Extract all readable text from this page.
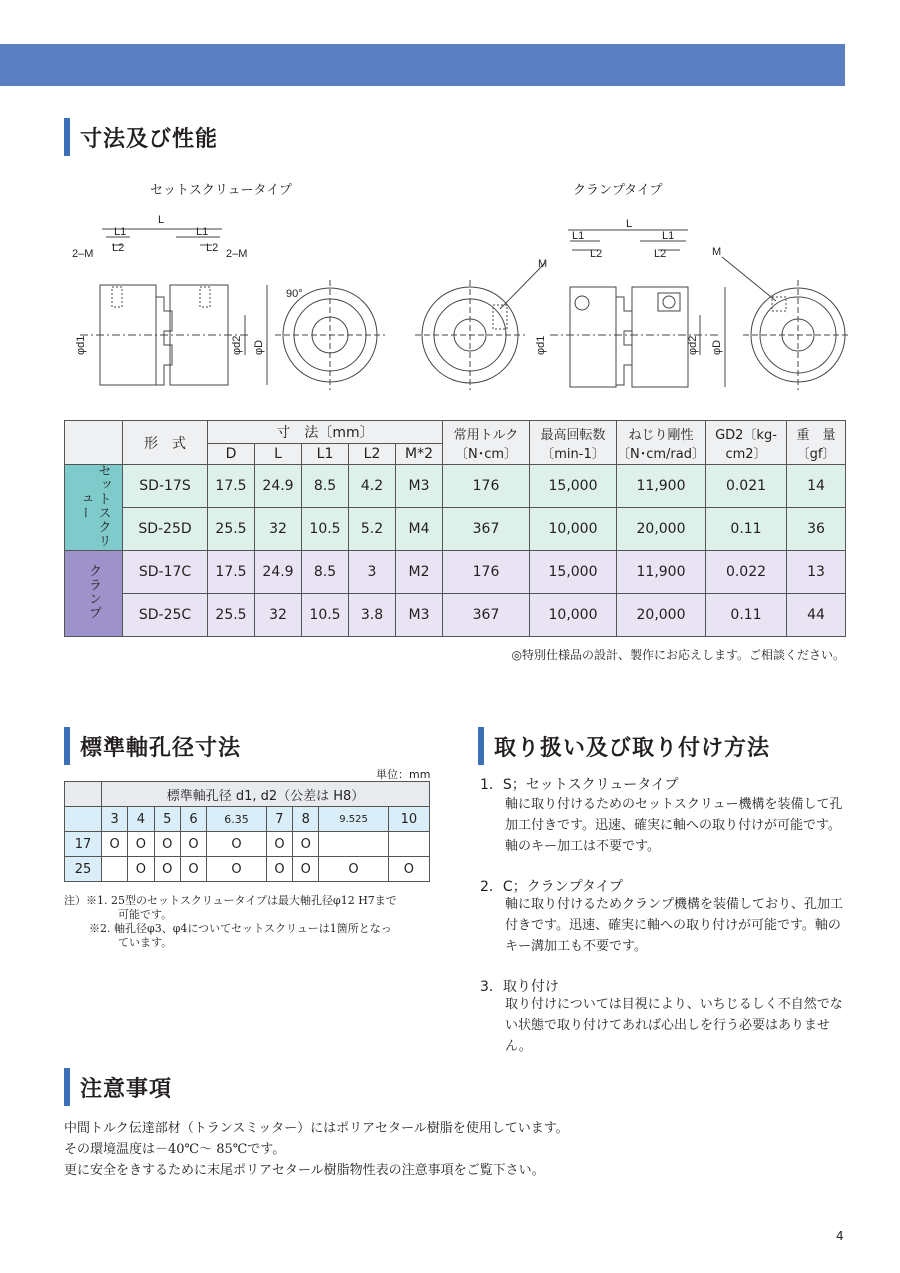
寸法及び性能
セットスクリュータイプ	クランプタイプ
L
L1	L1
L2	L2
2–M	2–M
90°
φd1	φd2 φD
L
L1	L1
L2	L2
M
M
φd1	φd2 φD
	形　式	寸　法〔mm〕					常用トルク〔N･cm〕	最高回転数〔min-1〕	ねじり剛性〔N･cm/rad〕	GD2〔kg-cm2〕	重　量〔gf〕
		D	L	L1	L2	M*2					
セットスクリュー	SD-17S	17.5	24.9	8.5	4.2	M3	176	15,000	11,900	0.021	14
	SD-25D	25.5	32	10.5	5.2	M4	367	10,000	20,000	0.11	36
クランプ	SD-17C	17.5	24.9	8.5	3	M2	176	15,000	11,900	0.022	13
	SD-25C	25.5	32	10.5	3.8	M3	367	10,000	20,000	0.11	44
◎特別仕様品の設計、製作にお応えします。ご相談ください。
標準軸孔径寸法
単位：mm
	標準軸孔径 d1, d2（公差は H8）								
	3	4	5	6	6.35	7	8	9.525	10
17	O	O	O	O	O	O	O		
25		O	O	O	O	O	O	O	O
注）※1. 25型のセットスクリュータイプは最大軸孔径φ12 H7まで
可能です。
※2. 軸孔径φ3、φ4についてセットスクリューは1箇所となっ
ています。
取り扱い及び取り付け方法
1．S；セットスクリュータイプ
軸に取り付けるためのセットスクリュー機構を装備して孔加工付きです。迅速、確実に軸への取り付けが可能です。軸のキー加工は不要です。
2．C；クランプタイプ
軸に取り付けるためクランプ機構を装備しており、孔加工付きです。迅速、確実に軸への取り付けが可能です。軸のキー溝加工も不要です。
3．取り付け
取り付けについては目視により、いちじるしく不自然でない状態で取り付けてあれば心出しを行う必要はありません。
注意事項
中間トルク伝達部材（トランスミッター）にはポリアセタール樹脂を使用しています。
その環境温度は－40℃～ 85℃です。
更に安全をきするために末尾ポリアセタール樹脂物性表の注意事項をご覧下さい。
4
